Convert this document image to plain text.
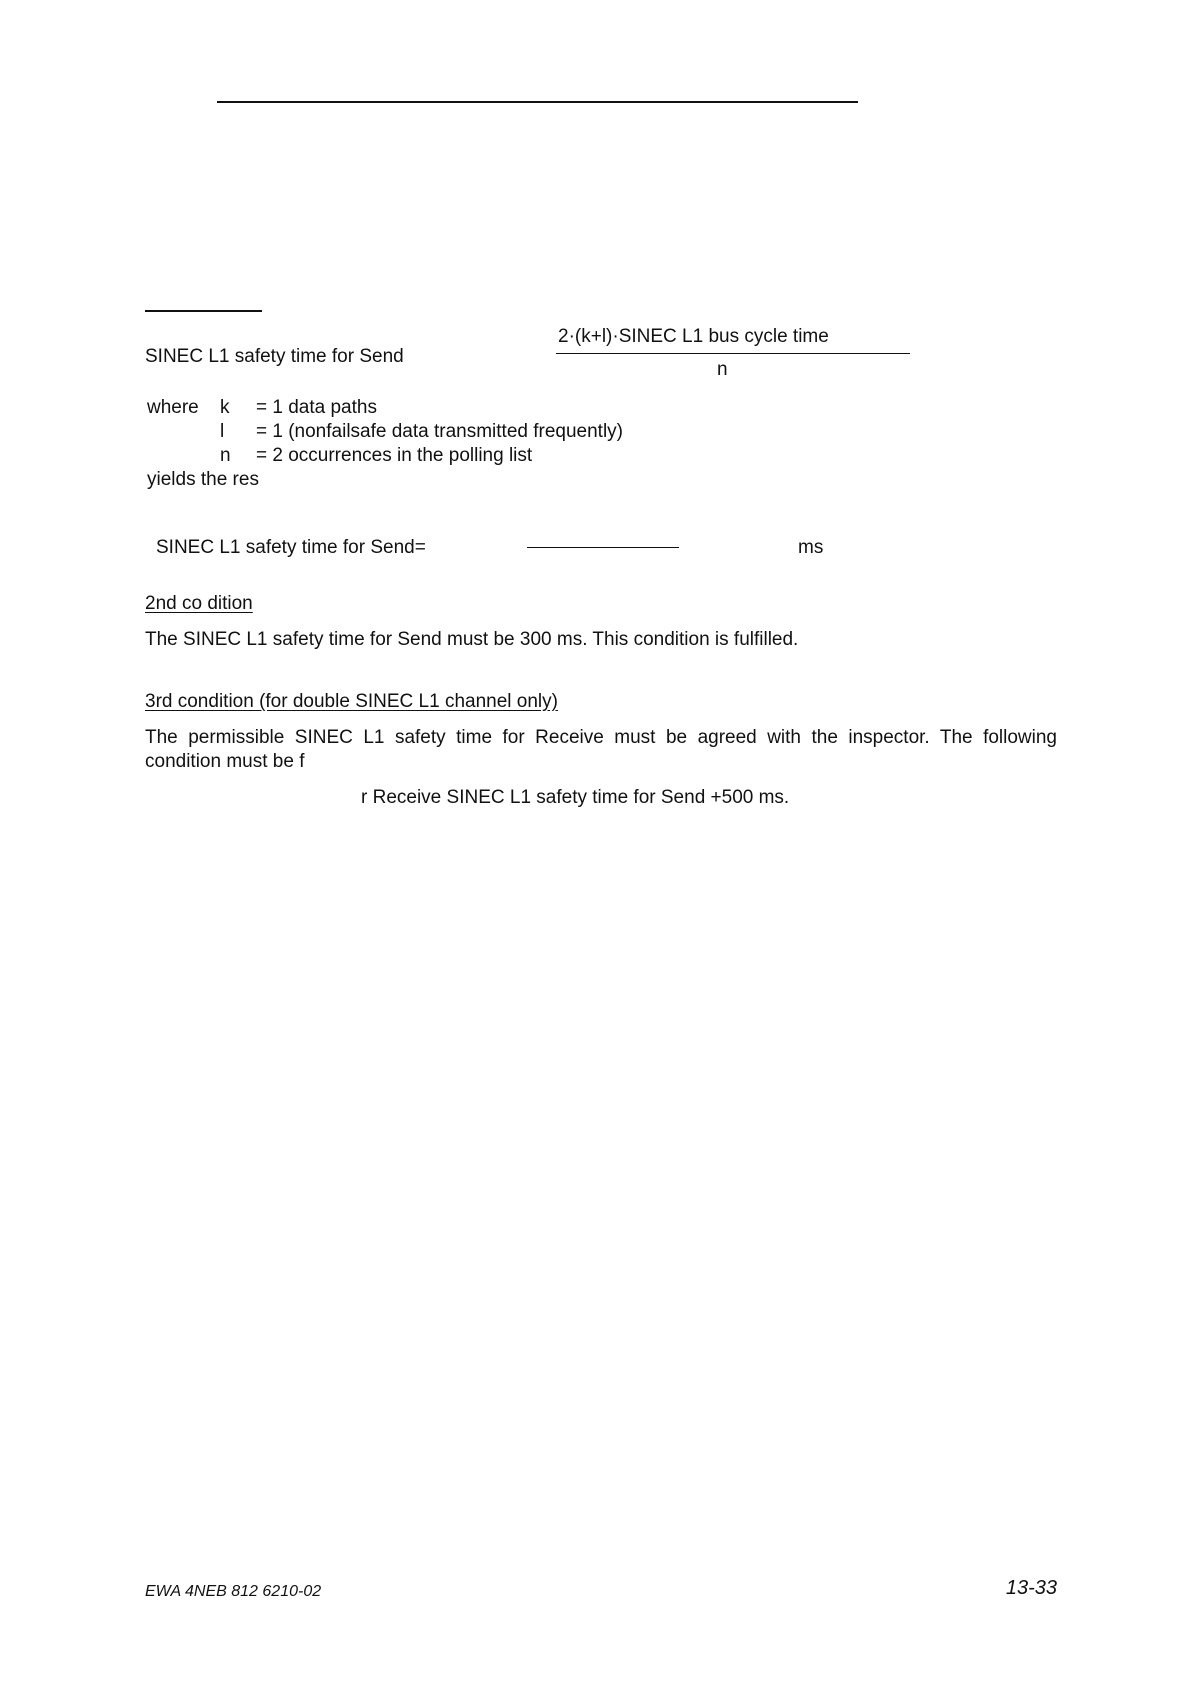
SINEC L1 safety time for Send
2·(k+l)·SINEC L1 bus cycle time
n
where k = 1 data paths
l = 1 (nonfailsafe data transmitted frequently)
n = 2 occurrences in the polling list
yields the res
SINEC L1 safety time for Send=	ms
2nd co dition
The SINEC L1 safety time for Send must be 300 ms. This condition is fulfilled.
3rd condition (for double SINEC L1 channel only)
The permissible SINEC L1 safety time for Receive must be agreed with the inspector. The following
condition must be f
r Receive SINEC L1 safety time for Send +500 ms.
EWA 4NEB 812 6210-02	13-33
